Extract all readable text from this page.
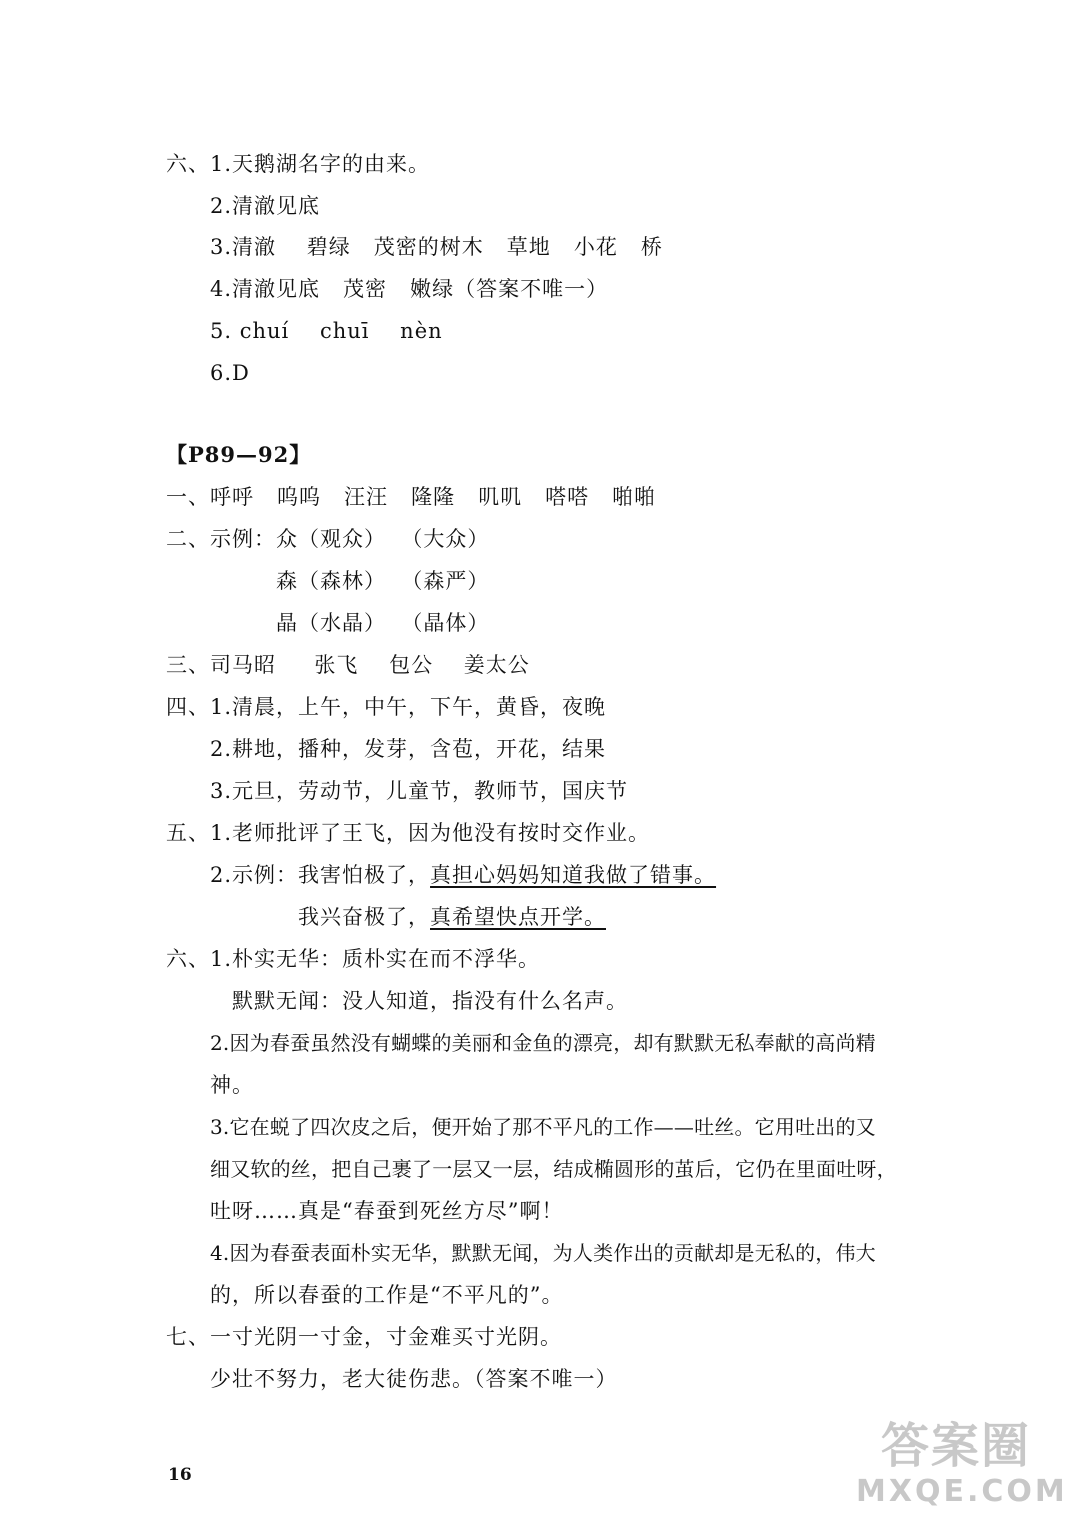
六、1.天鹅湖名字的由来。
2.清澈见底
3.清澈    碧绿   茂密的树木   草地   小花   桥
4.清澈见底   茂密   嫩绿（答案不唯一）
5. chuí    chuī    nèn
6.D
【P89—92】
一、呼呼   呜呜   汪汪   隆隆   叽叽   嗒嗒   啪啪
二、示例：众（观众）  （大众）
森（森林）  （森严）
晶（水晶）  （晶体）
三、司马昭     张飞    包公    姜太公
四、1.清晨，上午，中午，下午，黄昏，夜晚
2.耕地，播种，发芽，含苞，开花，结果
3.元旦，劳动节，儿童节，教师节，国庆节
五、1.老师批评了王飞，因为他没有按时交作业。
2.示例：我害怕极了，真担心妈妈知道我做了错事。
我兴奋极了，真希望快点开学。
六、1.朴实无华：质朴实在而不浮华。
默默无闻：没人知道，指没有什么名声。
2.因为春蚕虽然没有蝴蝶的美丽和金鱼的漂亮，却有默默无私奉献的高尚精
神。
3.它在蜕了四次皮之后，便开始了那不平凡的工作——吐丝。它用吐出的又
细又软的丝，把自己裹了一层又一层，结成椭圆形的茧后，它仍在里面吐呀，
吐呀……真是“春蚕到死丝方尽”啊！
4.因为春蚕表面朴实无华，默默无闻，为人类作出的贡献却是无私的，伟大
的，所以春蚕的工作是“不平凡的”。
七、一寸光阴一寸金，寸金难买寸光阴。
少壮不努力，老大徒伤悲。（答案不唯一）
16
答案圈
MXQE.COM
